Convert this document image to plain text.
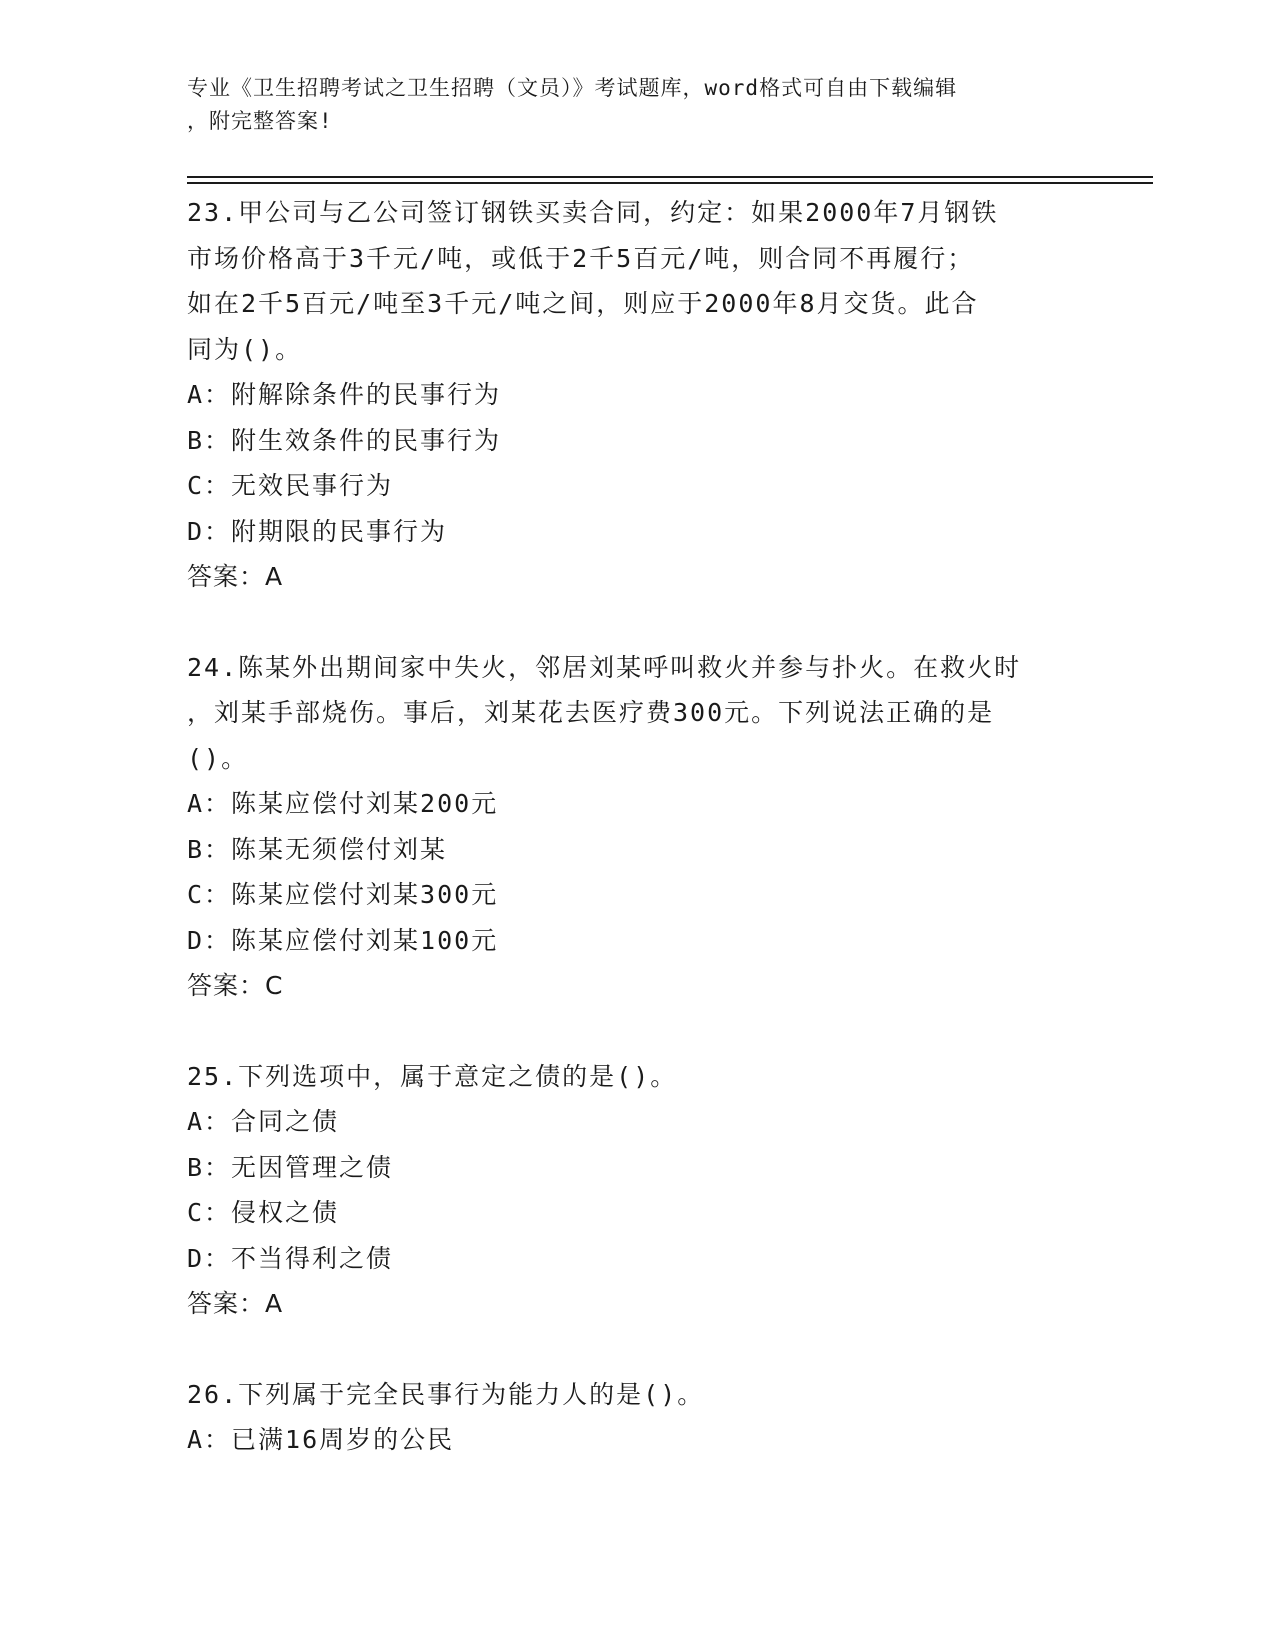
专业《卫生招聘考试之卫生招聘（文员）》考试题库，word格式可自由下载编辑
，附完整答案!
23.甲公司与乙公司签订钢铁买卖合同，约定：如果2000年7月钢铁
市场价格高于3千元/吨，或低于2千5百元/吨，则合同不再履行；
如在2千5百元/吨至3千元/吨之间，则应于2000年8月交货。此合
同为()。
A：附解除条件的民事行为
B：附生效条件的民事行为
C：无效民事行为
D：附期限的民事行为
答案：A
24.陈某外出期间家中失火，邻居刘某呼叫救火并参与扑火。在救火时
，刘某手部烧伤。事后，刘某花去医疗费300元。下列说法正确的是
()。
A：陈某应偿付刘某200元
B：陈某无须偿付刘某
C：陈某应偿付刘某300元
D：陈某应偿付刘某100元
答案：C
25.下列选项中，属于意定之债的是()。
A：合同之债
B：无因管理之债
C：侵权之债
D：不当得利之债
答案：A
26.下列属于完全民事行为能力人的是()。
A：已满16周岁的公民
